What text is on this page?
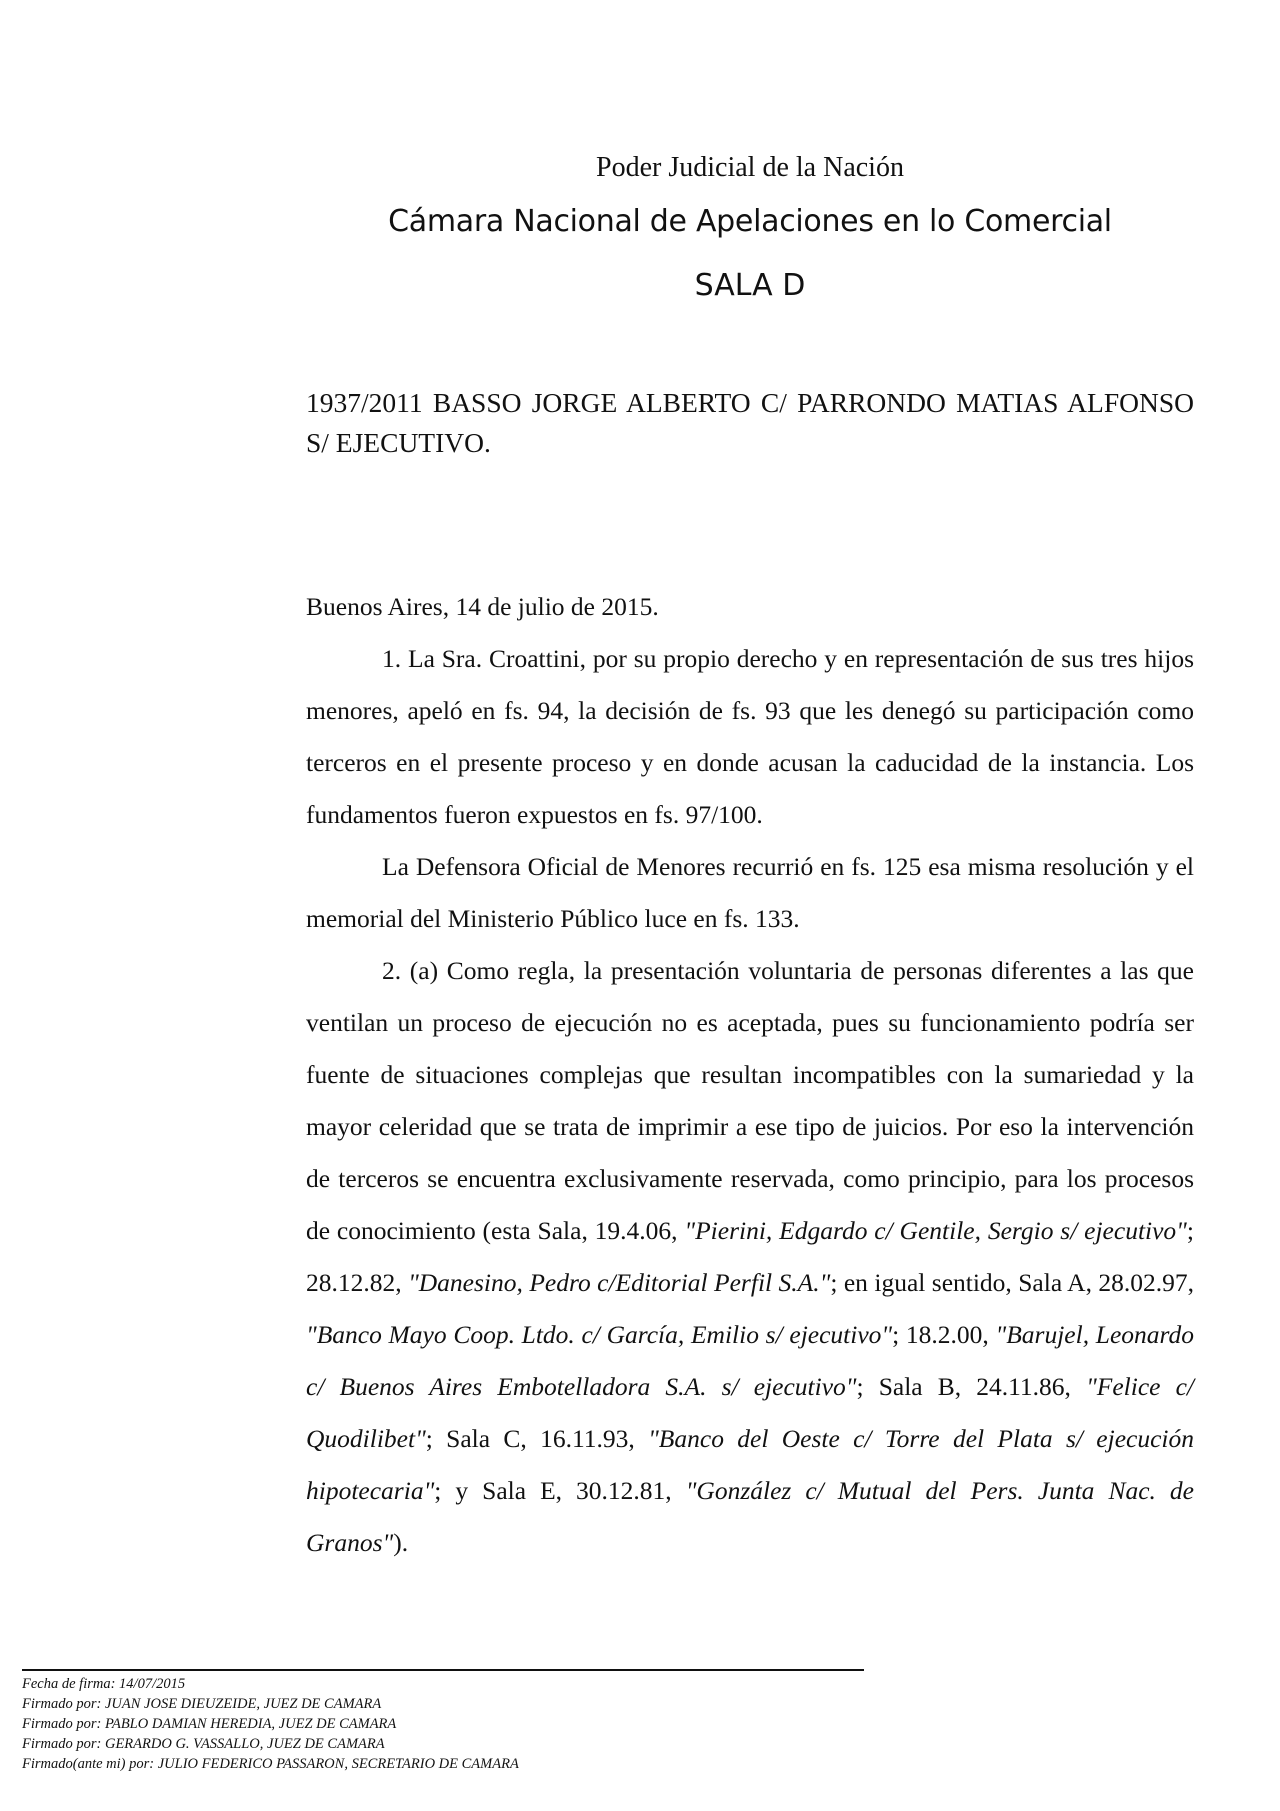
Poder Judicial de la Nación
Cámara Nacional de Apelaciones en lo Comercial
SALA D
1937/2011 BASSO JORGE ALBERTO C/ PARRONDO MATIAS ALFONSO S/ EJECUTIVO.

Buenos Aires, 14 de julio de 2015.

1. La Sra. Croattini, por su propio derecho y en representación de sus tres hijos menores, apeló en fs. 94, la decisión de fs. 93 que les denegó su participación como terceros en el presente proceso y en donde acusan la caducidad de la instancia. Los fundamentos fueron expuestos en fs. 97/100.

La Defensora Oficial de Menores recurrió en fs. 125 esa misma resolución y el memorial del Ministerio Público luce en fs. 133.

2. (a) Como regla, la presentación voluntaria de personas diferentes a las que ventilan un proceso de ejecución no es aceptada, pues su funcionamiento podría ser fuente de situaciones complejas que resultan incompatibles con la sumariedad y la mayor celeridad que se trata de imprimir a ese tipo de juicios. Por eso la intervención de terceros se encuentra exclusivamente reservada, como principio, para los procesos de conocimiento (esta Sala, 19.4.06, "Pierini, Edgardo c/ Gentile, Sergio s/ ejecutivo"; 28.12.82, "Danesino, Pedro c/Editorial Perfil S.A."; en igual sentido, Sala A, 28.02.97, "Banco Mayo Coop. Ltdo. c/ García, Emilio s/ ejecutivo"; 18.2.00, "Barujel, Leonardo c/ Buenos Aires Embotelladora S.A. s/ ejecutivo"; Sala B, 24.11.86, "Felice c/ Quodilibet"; Sala C, 16.11.93, "Banco del Oeste c/ Torre del Plata s/ ejecución hipotecaria"; y Sala E, 30.12.81, "González c/ Mutual del Pers. Junta Nac. de Granos").

Fecha de firma: 14/07/2015
Firmado por: JUAN JOSE DIEUZEIDE, JUEZ DE CAMARA
Firmado por: PABLO DAMIAN HEREDIA, JUEZ DE CAMARA
Firmado por: GERARDO G. VASSALLO, JUEZ DE CAMARA
Firmado(ante mi) por: JULIO FEDERICO PASSARON, SECRETARIO DE CAMARA
